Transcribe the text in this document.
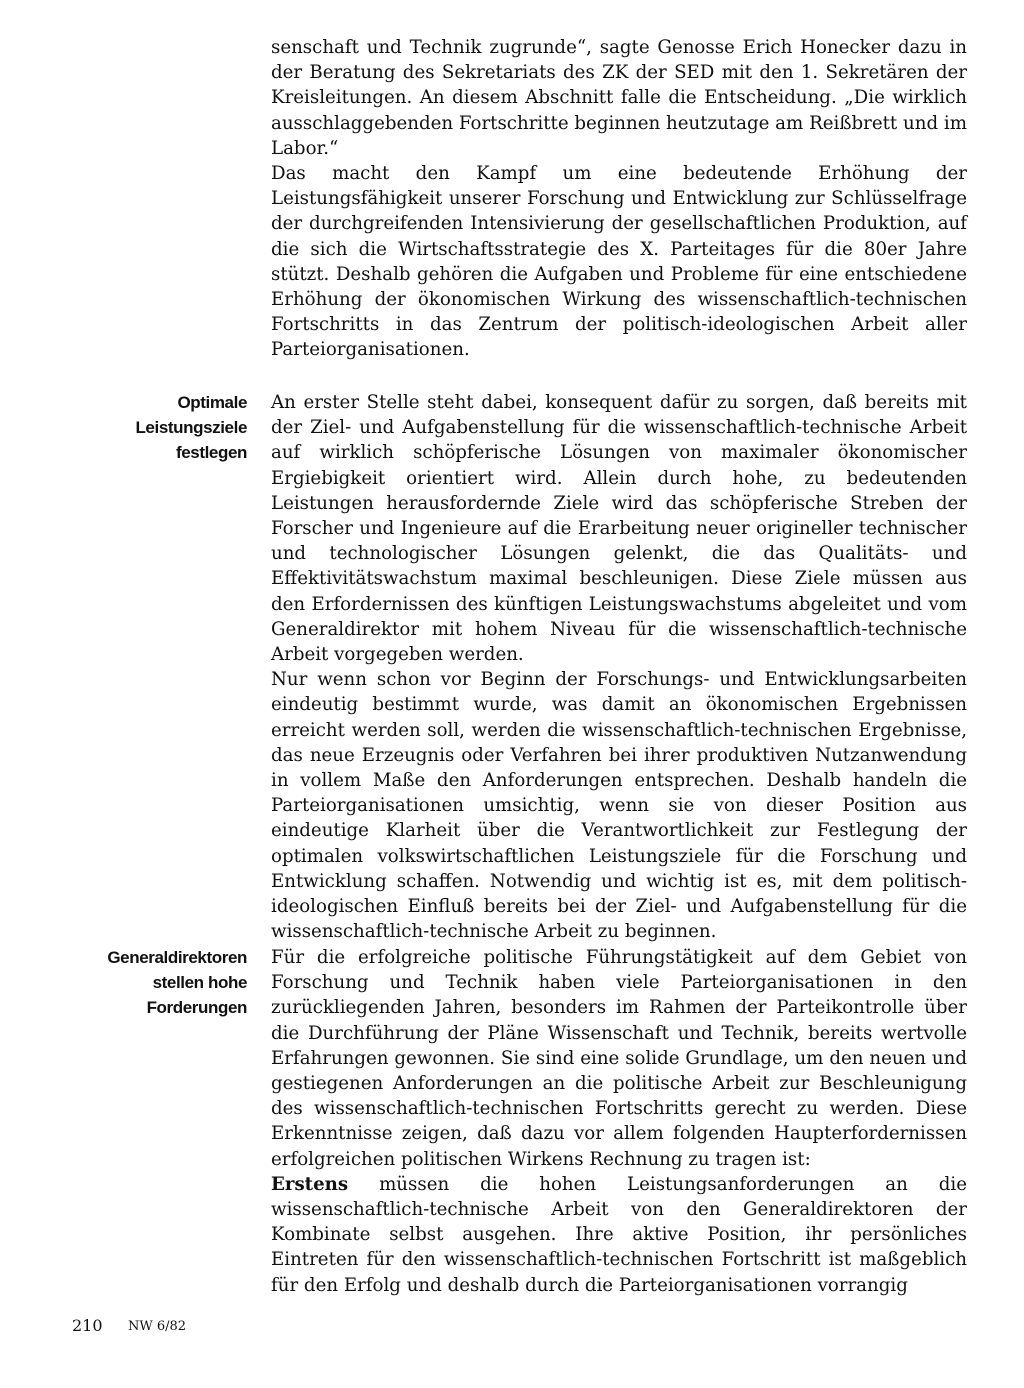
senschaft und Technik zugrunde“, sagte Genosse Erich Honecker dazu in der Beratung des Sekretariats des ZK der SED mit den 1. Sekretären der Kreisleitungen. An diesem Abschnitt falle die Entscheidung. „Die wirklich ausschlaggebenden Fortschritte beginnen heutzutage am Reißbrett und im Labor.“

Das macht den Kampf um eine bedeutende Erhöhung der Leistungsfähigkeit unserer Forschung und Entwicklung zur Schlüsselfrage der durchgreifenden Intensivierung der gesellschaftlichen Produktion, auf die sich die Wirtschaftsstrategie des X. Parteitages für die 80er Jahre stützt. Deshalb gehören die Aufgaben und Probleme für eine entschiedene Erhöhung der ökonomischen Wirkung des wissenschaftlich-technischen Fortschritts in das Zentrum der politisch-ideologischen Arbeit aller Parteiorganisationen.

Optimale
Leistungsziele
festlegen

An erster Stelle steht dabei, konsequent dafür zu sorgen, daß bereits mit der Ziel- und Aufgabenstellung für die wissenschaftlich-technische Arbeit auf wirklich schöpferische Lösungen von maximaler ökonomischer Ergiebigkeit orientiert wird. Allein durch hohe, zu bedeutenden Leistungen herausfordernde Ziele wird das schöpferische Streben der Forscher und Ingenieure auf die Erarbeitung neuer origineller technischer und technologischer Lösungen gelenkt, die das Qualitäts- und Effektivitätswachstum maximal beschleunigen. Diese Ziele müssen aus den Erfordernissen des künftigen Leistungswachstums abgeleitet und vom Generaldirektor mit hohem Niveau für die wissenschaftlich-technische Arbeit vorgegeben werden.

Nur wenn schon vor Beginn der Forschungs- und Entwicklungsarbeiten eindeutig bestimmt wurde, was damit an ökonomischen Ergebnissen erreicht werden soll, werden die wissenschaftlich-technischen Ergebnisse, das neue Erzeugnis oder Verfahren bei ihrer produktiven Nutzanwendung in vollem Maße den Anforderungen entsprechen. Deshalb handeln die Parteiorganisationen umsichtig, wenn sie von dieser Position aus eindeutige Klarheit über die Verantwortlichkeit zur Festlegung der optimalen volkswirtschaftlichen Leistungsziele für die Forschung und Entwicklung schaffen. Notwendig und wichtig ist es, mit dem politisch-ideologischen Einfluß bereits bei der Ziel- und Aufgabenstellung für die wissenschaftlich-technische Arbeit zu beginnen.

Generaldirektoren
stellen hohe
Forderungen

Für die erfolgreiche politische Führungstätigkeit auf dem Gebiet von Forschung und Technik haben viele Parteiorganisationen in den zurückliegenden Jahren, besonders im Rahmen der Parteikontrolle über die Durchführung der Pläne Wissenschaft und Technik, bereits wertvolle Erfahrungen gewonnen. Sie sind eine solide Grundlage, um den neuen und gestiegenen Anforderungen an die politische Arbeit zur Beschleunigung des wissenschaftlich-technischen Fortschritts gerecht zu werden. Diese Erkenntnisse zeigen, daß dazu vor allem folgenden Haupterfordernissen erfolgreichen politischen Wirkens Rechnung zu tragen ist:

Erstens müssen die hohen Leistungsanforderungen an die wissenschaftlich-technische Arbeit von den Generaldirektoren der Kombinate selbst ausgehen. Ihre aktive Position, ihr persönliches Eintreten für den wissenschaftlich-technischen Fortschritt ist maßgeblich für den Erfolg und deshalb durch die Parteiorganisationen vorrangig

210 NW 6/82
